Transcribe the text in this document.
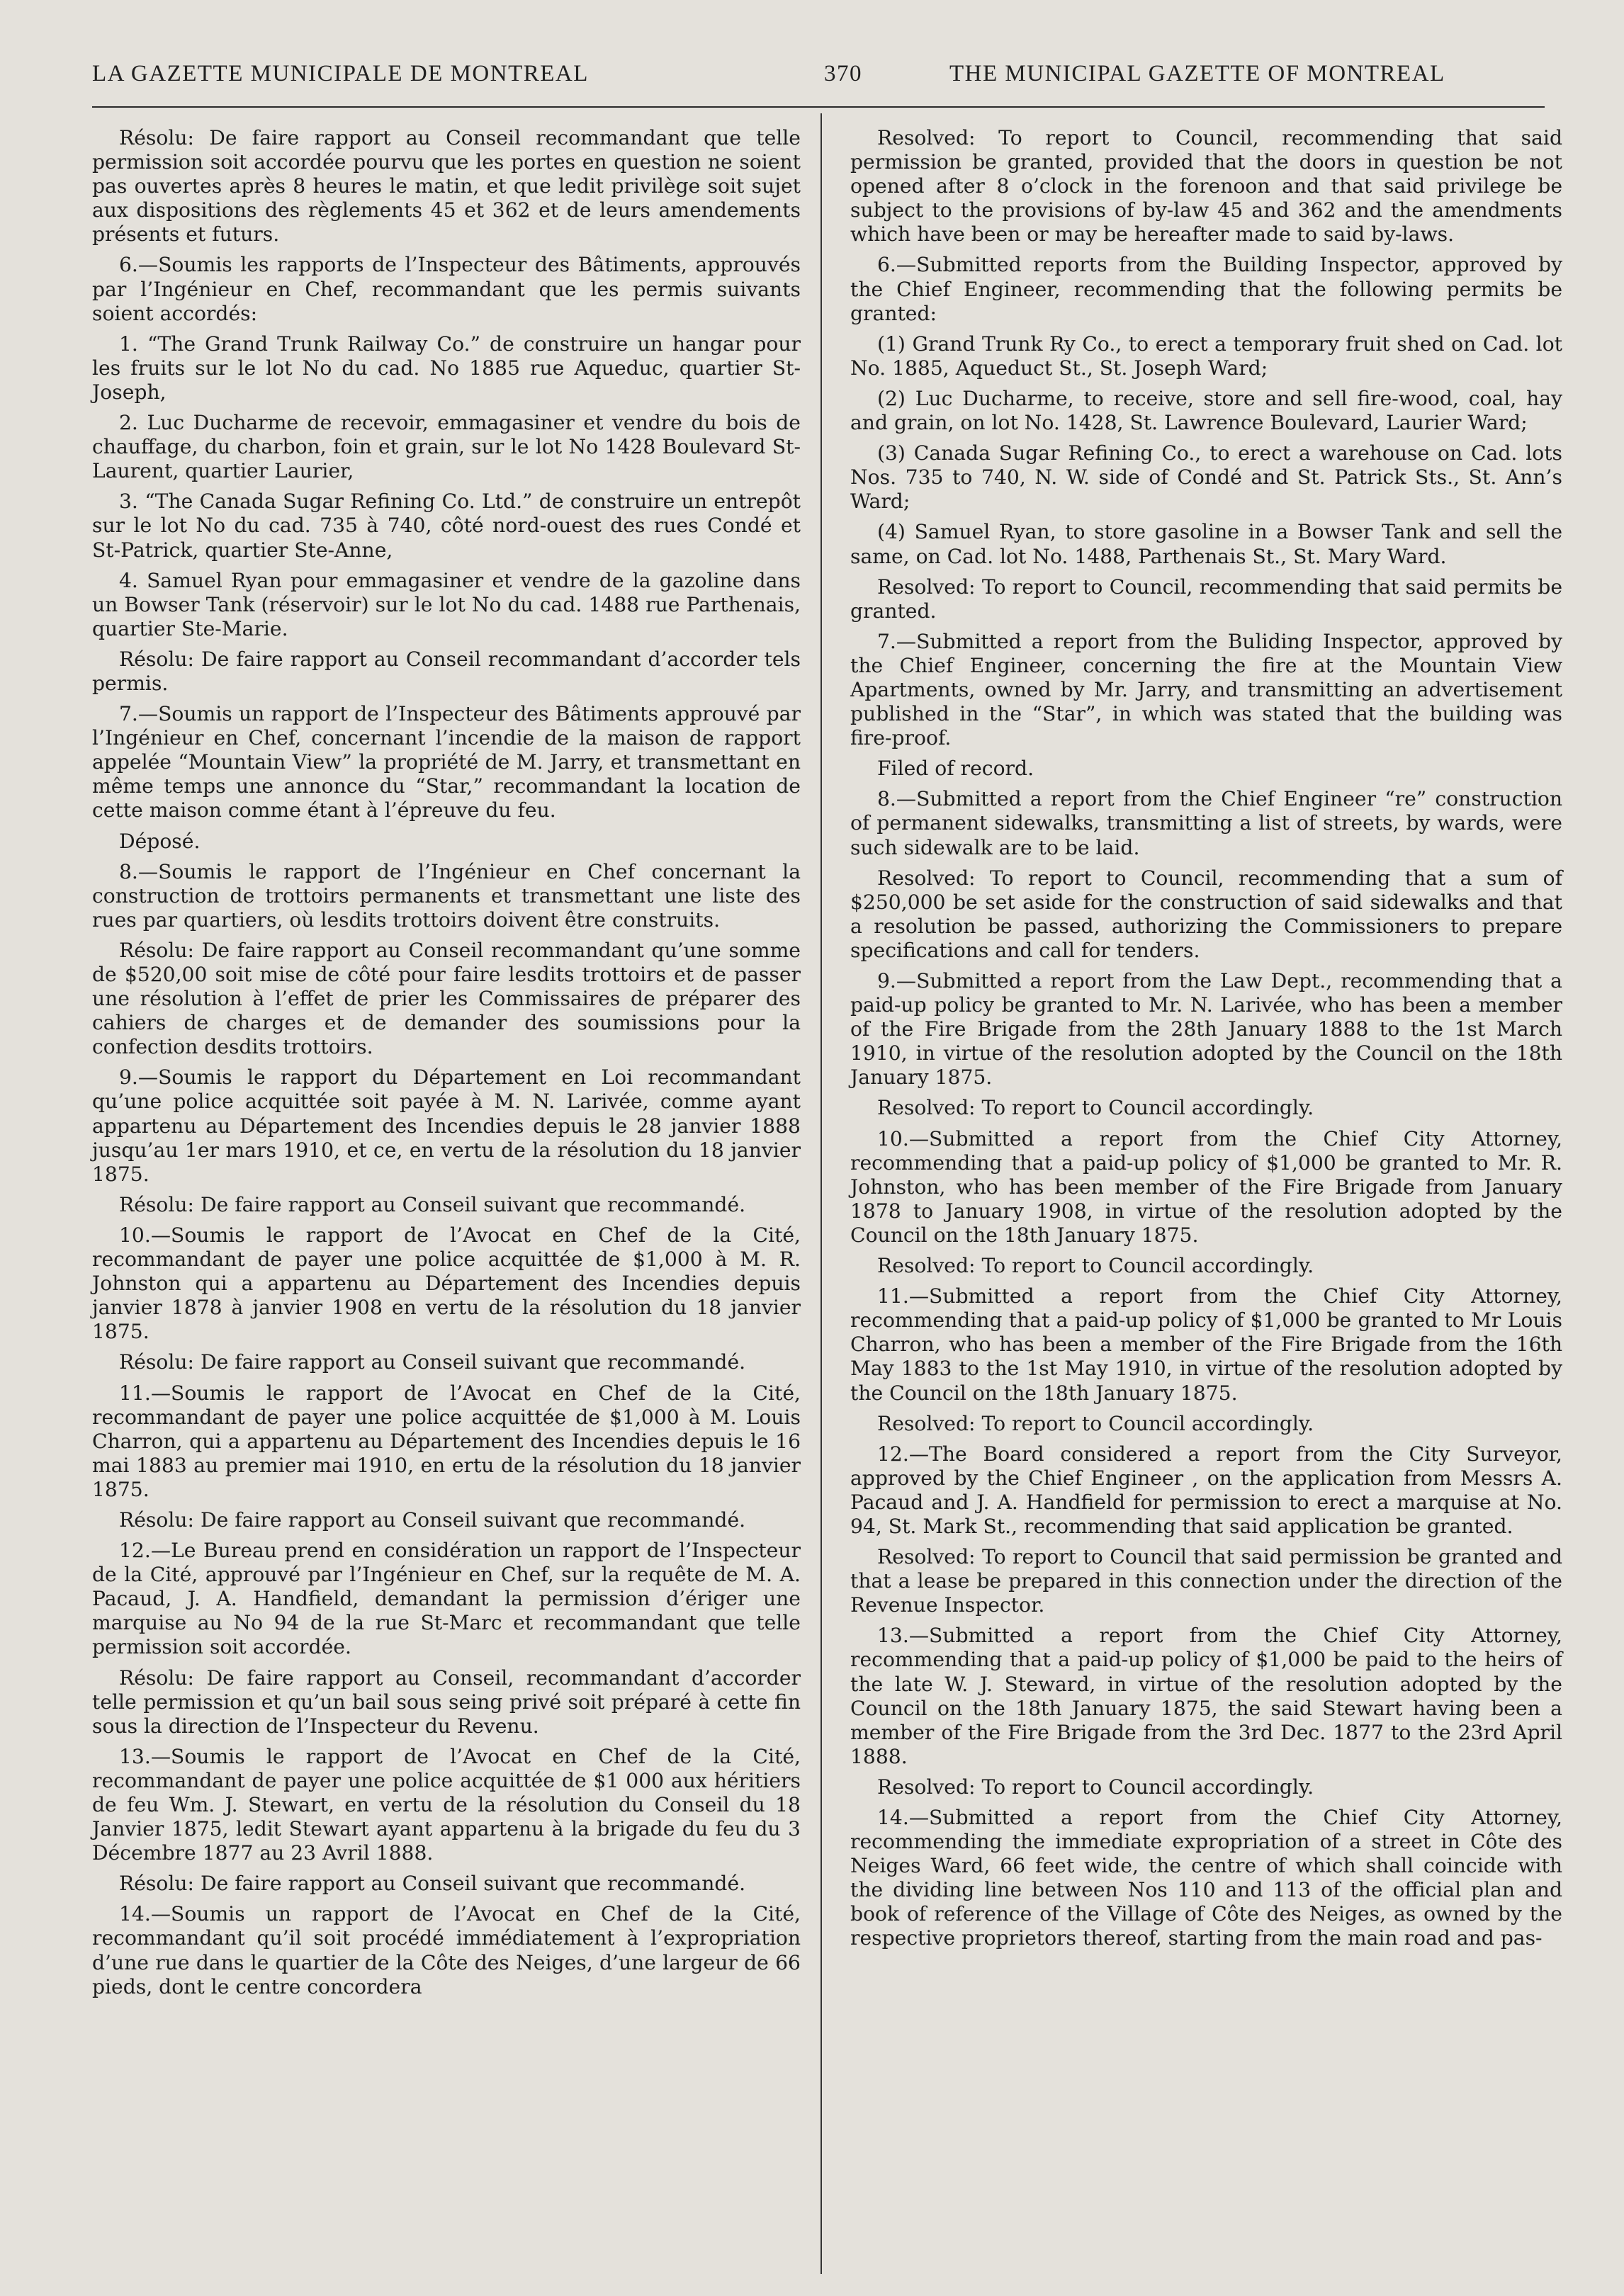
LA GAZETTE MUNICIPALE DE MONTREAL	370	THE MUNICIPAL GAZETTE OF MONTREAL

Résolu: De faire rapport au Conseil recommandant que telle permission soit accordée pourvu que les portes en question ne soient pas ouvertes après 8 heures le matin, et que ledit privilège soit sujet aux dispositions des règlements 45 et 362 et de leurs amendements présents et futurs.

6.—Soumis les rapports de l’Inspecteur des Bâtiments, approuvés par l’Ingénieur en Chef, recommandant que les permis suivants soient accordés:

1. “The Grand Trunk Railway Co.” de construire un hangar pour les fruits sur le lot No du cad. No 1885 rue Aqueduc, quartier St-Joseph,

2. Luc Ducharme de recevoir, emmagasiner et vendre du bois de chauffage, du charbon, foin et grain, sur le lot No 1428 Boulevard St-Laurent, quartier Laurier,

3. “The Canada Sugar Refining Co. Ltd.” de construire un entrepôt sur le lot No du cad. 735 à 740, côté nord-ouest des rues Condé et St-Patrick, quartier Ste-Anne,

4. Samuel Ryan pour emmagasiner et vendre de la gazoline dans un Bowser Tank (réservoir) sur le lot No du cad. 1488 rue Parthenais, quartier Ste-Marie.

Résolu: De faire rapport au Conseil recommandant d’accorder tels permis.

7.—Soumis un rapport de l’Inspecteur des Bâtiments approuvé par l’Ingénieur en Chef, concernant l’incendie de la maison de rapport appelée “Mountain View” la propriété de M. Jarry, et transmettant en même temps une annonce du “Star,” recommandant la location de cette maison comme étant à l’épreuve du feu.

Déposé.

8.—Soumis le rapport de l’Ingénieur en Chef concernant la construction de trottoirs permanents et transmettant une liste des rues par quartiers, où lesdits trottoirs doivent être construits.

Résolu: De faire rapport au Conseil recommandant qu’une somme de $520,00 soit mise de côté pour faire lesdits trottoirs et de passer une résolution à l’effet de prier les Commissaires de préparer des cahiers de charges et de demander des soumissions pour la confection desdits trottoirs.

9.—Soumis le rapport du Département en Loi recommandant qu’une police acquittée soit payée à M. N. Larivée, comme ayant appartenu au Département des Incendies depuis le 28 janvier 1888 jusqu’au 1er mars 1910, et ce, en vertu de la résolution du 18 janvier 1875.

Résolu: De faire rapport au Conseil suivant que recommandé.

10.—Soumis le rapport de l’Avocat en Chef de la Cité, recommandant de payer une police acquittée de $1,000 à M. R. Johnston qui a appartenu au Département des Incendies depuis janvier 1878 à janvier 1908 en vertu de la résolution du 18 janvier 1875.

Résolu: De faire rapport au Conseil suivant que recommandé.

11.—Soumis le rapport de l’Avocat en Chef de la Cité, recommandant de payer une police acquittée de $1,000 à M. Louis Charron, qui a appartenu au Département des Incendies depuis le 16 mai 1883 au premier mai 1910, en ertu de la résolution du 18 janvier 1875.

Résolu: De faire rapport au Conseil suivant que recommandé.

12.—Le Bureau prend en considération un rapport de l’Inspecteur de la Cité, approuvé par l’Ingénieur en Chef, sur la requête de M. A. Pacaud, J. A. Handfield, demandant la permission d’ériger une marquise au No 94 de la rue St-Marc et recommandant que telle permission soit accordée.

Résolu: De faire rapport au Conseil, recommandant d’accorder telle permission et qu’un bail sous seing privé soit préparé à cette fin sous la direction de l’Inspecteur du Revenu.

13.—Soumis le rapport de l’Avocat en Chef de la Cité, recommandant de payer une police acquittée de $1 000 aux héritiers de feu Wm. J. Stewart, en vertu de la résolution du Conseil du 18 Janvier 1875, ledit Stewart ayant appartenu à la brigade du feu du 3 Décembre 1877 au 23 Avril 1888.

Résolu: De faire rapport au Conseil suivant que recommandé.

14.—Soumis un rapport de l’Avocat en Chef de la Cité, recommandant qu’il soit procédé immédiatement à l’expropriation d’une rue dans le quartier de la Côte des Neiges, d’une largeur de 66 pieds, dont le centre concordera

Resolved: To report to Council, recommending that said permission be granted, provided that the doors in question be not opened after 8 o’clock in the forenoon and that said privilege be subject to the provisions of by-law 45 and 362 and the amendments which have been or may be hereafter made to said by-laws.

6.—Submitted reports from the Building Inspector, approved by the Chief Engineer, recommending that the following permits be granted:

(1) Grand Trunk Ry Co., to erect a temporary fruit shed on Cad. lot No. 1885, Aqueduct St., St. Joseph Ward;

(2) Luc Ducharme, to receive, store and sell fire-wood, coal, hay and grain, on lot No. 1428, St. Lawrence Boulevard, Laurier Ward;

(3) Canada Sugar Refining Co., to erect a warehouse on Cad. lots Nos. 735 to 740, N. W. side of Condé and St. Patrick Sts., St. Ann’s Ward;

(4) Samuel Ryan, to store gasoline in a Bowser Tank and sell the same, on Cad. lot No. 1488, Parthenais St., St. Mary Ward.

Resolved: To report to Council, recommending that said permits be granted.

7.—Submitted a report from the Buliding Inspector, approved by the Chief Engineer, concerning the fire at the Mountain View Apartments, owned by Mr. Jarry, and transmitting an advertisement published in the “Star”, in which was stated that the building was fire-proof.

Filed of record.

8.—Submitted a report from the Chief Engineer “re” construction of permanent sidewalks, transmitting a list of streets, by wards, were such sidewalk are to be laid.

Resolved: To report to Council, recommending that a sum of $250,000 be set aside for the construction of said sidewalks and that a resolution be passed, authorizing the Commissioners to prepare specifications and call for tenders.

9.—Submitted a report from the Law Dept., recommending that a paid-up policy be granted to Mr. N. Larivée, who has been a member of the Fire Brigade from the 28th January 1888 to the 1st March 1910, in virtue of the resolution adopted by the Council on the 18th January 1875.

Resolved: To report to Council accordingly.

10.—Submitted a report from the Chief City Attorney, recommending that a paid-up policy of $1,000 be granted to Mr. R. Johnston, who has been member of the Fire Brigade from January 1878 to January 1908, in virtue of the resolution adopted by the Council on the 18th January 1875.

Resolved: To report to Council accordingly.

11.—Submitted a report from the Chief City Attorney, recommending that a paid-up policy of $1,000 be granted to Mr Louis Charron, who has been a member of the Fire Brigade from the 16th May 1883 to the 1st May 1910, in virtue of the resolution adopted by the Council on the 18th January 1875.

Resolved: To report to Council accordingly.

12.—The Board considered a report from the City Surveyor, approved by the Chief Engineer , on the application from Messrs A. Pacaud and J. A. Handfield for permission to erect a marquise at No. 94, St. Mark St., recommending that said application be granted.

Resolved: To report to Council that said permission be granted and that a lease be prepared in this connection under the direction of the Revenue Inspector.

13.—Submitted a report from the Chief City Attorney, recommending that a paid-up policy of $1,000 be paid to the heirs of the late W. J. Steward, in virtue of the resolution adopted by the Council on the 18th January 1875, the said Stewart having been a member of the Fire Brigade from the 3rd Dec. 1877 to the 23rd April 1888.

Resolved: To report to Council accordingly.

14.—Submitted a report from the Chief City Attorney, recommending the immediate expropriation of a street in Côte des Neiges Ward, 66 feet wide, the centre of which shall coincide with the dividing line between Nos 110 and 113 of the official plan and book of reference of the Village of Côte des Neiges, as owned by the respective proprietors thereof, starting from the main road and pas-
